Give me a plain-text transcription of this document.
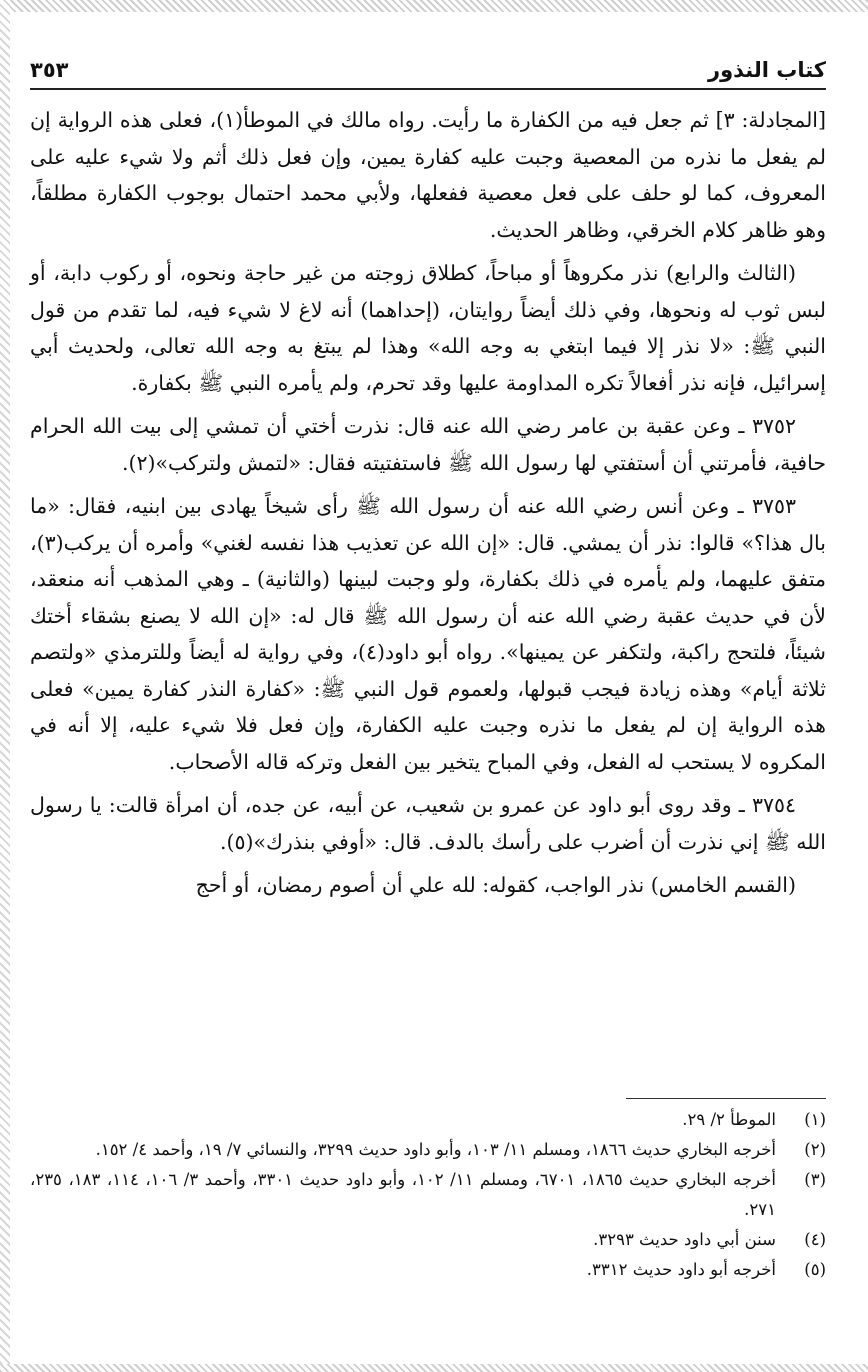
كتاب النذور
٣٥٣

[المجادلة: ٣] ثم جعل فيه من الكفارة ما رأيت. رواه مالك في الموطأ(١)، فعلى هذه الرواية إن لم يفعل ما نذره من المعصية وجبت عليه كفارة يمين، وإن فعل ذلك أثم ولا شيء عليه على المعروف، كما لو حلف على فعل معصية ففعلها، ولأبي محمد احتمال بوجوب الكفارة مطلقاً، وهو ظاهر كلام الخرقي، وظاهر الحديث.

(الثالث والرابع) نذر مكروهاً أو مباحاً، كطلاق زوجته من غير حاجة ونحوه، أو ركوب دابة، أو لبس ثوب له ونحوها، وفي ذلك أيضاً روايتان، (إحداهما) أنه لاغ لا شيء فيه، لما تقدم من قول النبي ﷺ: «لا نذر إلا فيما ابتغي به وجه الله» وهذا لم يبتغ به وجه الله تعالى، ولحديث أبي إسرائيل، فإنه نذر أفعالاً تكره المداومة عليها وقد تحرم، ولم يأمره النبي ﷺ بكفارة.

٣٧٥٢ ـ وعن عقبة بن عامر رضي الله عنه قال: نذرت أختي أن تمشي إلى بيت الله الحرام حافية، فأمرتني أن أستفتي لها رسول الله ﷺ فاستفتيته فقال: «لتمش ولتركب»(٢).

٣٧٥٣ ـ وعن أنس رضي الله عنه أن رسول الله ﷺ رأى شيخاً يهادى بين ابنيه، فقال: «ما بال هذا؟» قالوا: نذر أن يمشي. قال: «إن الله عن تعذيب هذا نفسه لغني» وأمره أن يركب(٣)، متفق عليهما، ولم يأمره في ذلك بكفارة، ولو وجبت لبينها (والثانية) ـ وهي المذهب أنه منعقد، لأن في حديث عقبة رضي الله عنه أن رسول الله ﷺ قال له: «إن الله لا يصنع بشقاء أختك شيئاً، فلتحج راكبة، ولتكفر عن يمينها». رواه أبو داود(٤)، وفي رواية له أيضاً وللترمذي «ولتصم ثلاثة أيام» وهذه زيادة فيجب قبولها، ولعموم قول النبي ﷺ: «كفارة النذر كفارة يمين» فعلى هذه الرواية إن لم يفعل ما نذره وجبت عليه الكفارة، وإن فعل فلا شيء عليه، إلا أنه في المكروه لا يستحب له الفعل، وفي المباح يتخير بين الفعل وتركه قاله الأصحاب.

٣٧٥٤ ـ وقد روى أبو داود عن عمرو بن شعيب، عن أبيه، عن جده، أن امرأة قالت: يا رسول الله ﷺ إني نذرت أن أضرب على رأسك بالدف. قال: «أوفي بنذرك»(٥).

(القسم الخامس) نذر الواجب، كقوله: لله علي أن أصوم رمضان، أو أحج

(١)
الموطأ ٢/ ٢٩.
(٢)
أخرجه البخاري حديث ١٨٦٦، ومسلم ١١/ ١٠٣، وأبو داود حديث ٣٢٩٩، والنسائي ٧/ ١٩، وأحمد ٤/ ١٥٢.
(٣)
أخرجه البخاري حديث ١٨٦٥، ٦٧٠١، ومسلم ١١/ ١٠٢، وأبو داود حديث ٣٣٠١، وأحمد ٣/ ١٠٦، ١١٤، ١٨٣، ٢٣٥، ٢٧١.
(٤)
سنن أبي داود حديث ٣٢٩٣.
(٥)
أخرجه أبو داود حديث ٣٣١٢.
